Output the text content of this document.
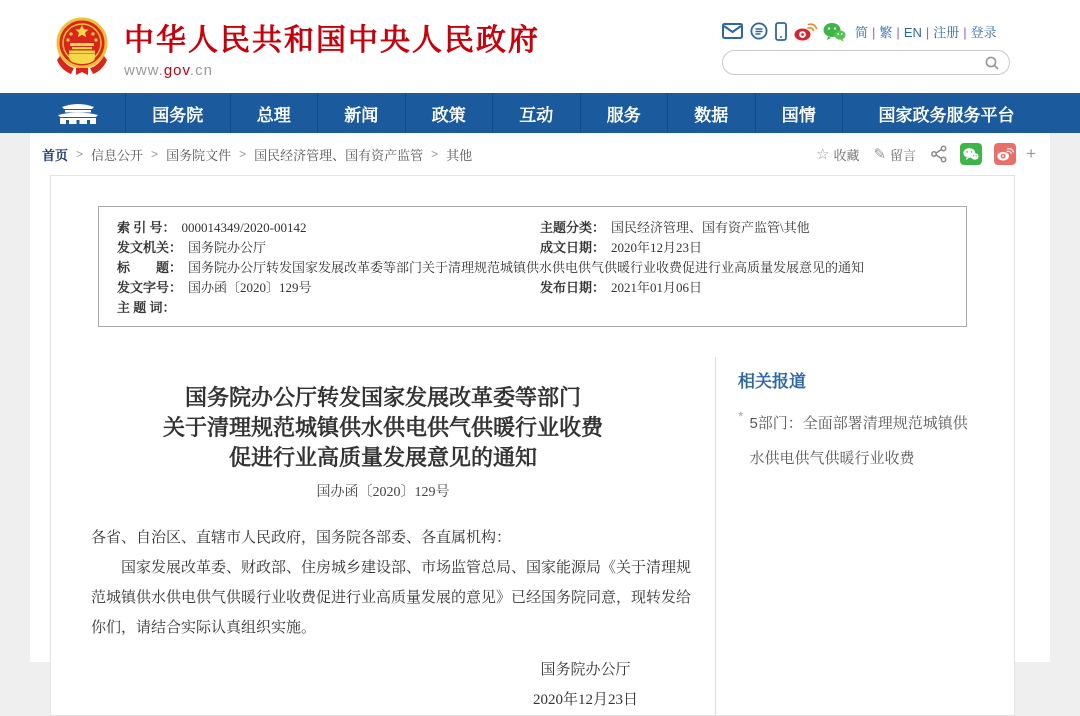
中华人民共和国中央人民政府
www.gov.cn
简 | 繁 | EN | 注册 | 登录
国务院	总理	新闻	政策	互动	服务	数据	国情	国家政务服务平台
首页 > 信息公开 > 国务院文件 > 国民经济管理、国有资产监管 > 其他	☆ 收藏 ✎ 留言	+
索 引 号： 000014349/2020-00142	主题分类： 国民经济管理、国有资产监管\其他
发文机关： 国务院办公厅	成文日期： 2020年12月23日
标　　题： 国务院办公厅转发国家发展改革委等部门关于清理规范城镇供水供电供气供暖行业收费促进行业高质量发展意见的通知
发文字号： 国办函〔2020〕129号	发布日期： 2021年01月06日
主 题 词：
国务院办公厅转发国家发展改革委等部门
关于清理规范城镇供水供电供气供暖行业收费
促进行业高质量发展意见的通知
国办函〔2020〕129号
各省、自治区、直辖市人民政府，国务院各部委、各直属机构：
国家发展改革委、财政部、住房城乡建设部、市场监管总局、国家能源局《关于清理规范城镇供水供电供气供暖行业收费促进行业高质量发展的意见》已经国务院同意，现转发给你们，请结合实际认真组织实施。
国务院办公厅
2020年12月23日
相关报道
* 5部门：全面部署清理规范城镇供水供电供气供暖行业收费
